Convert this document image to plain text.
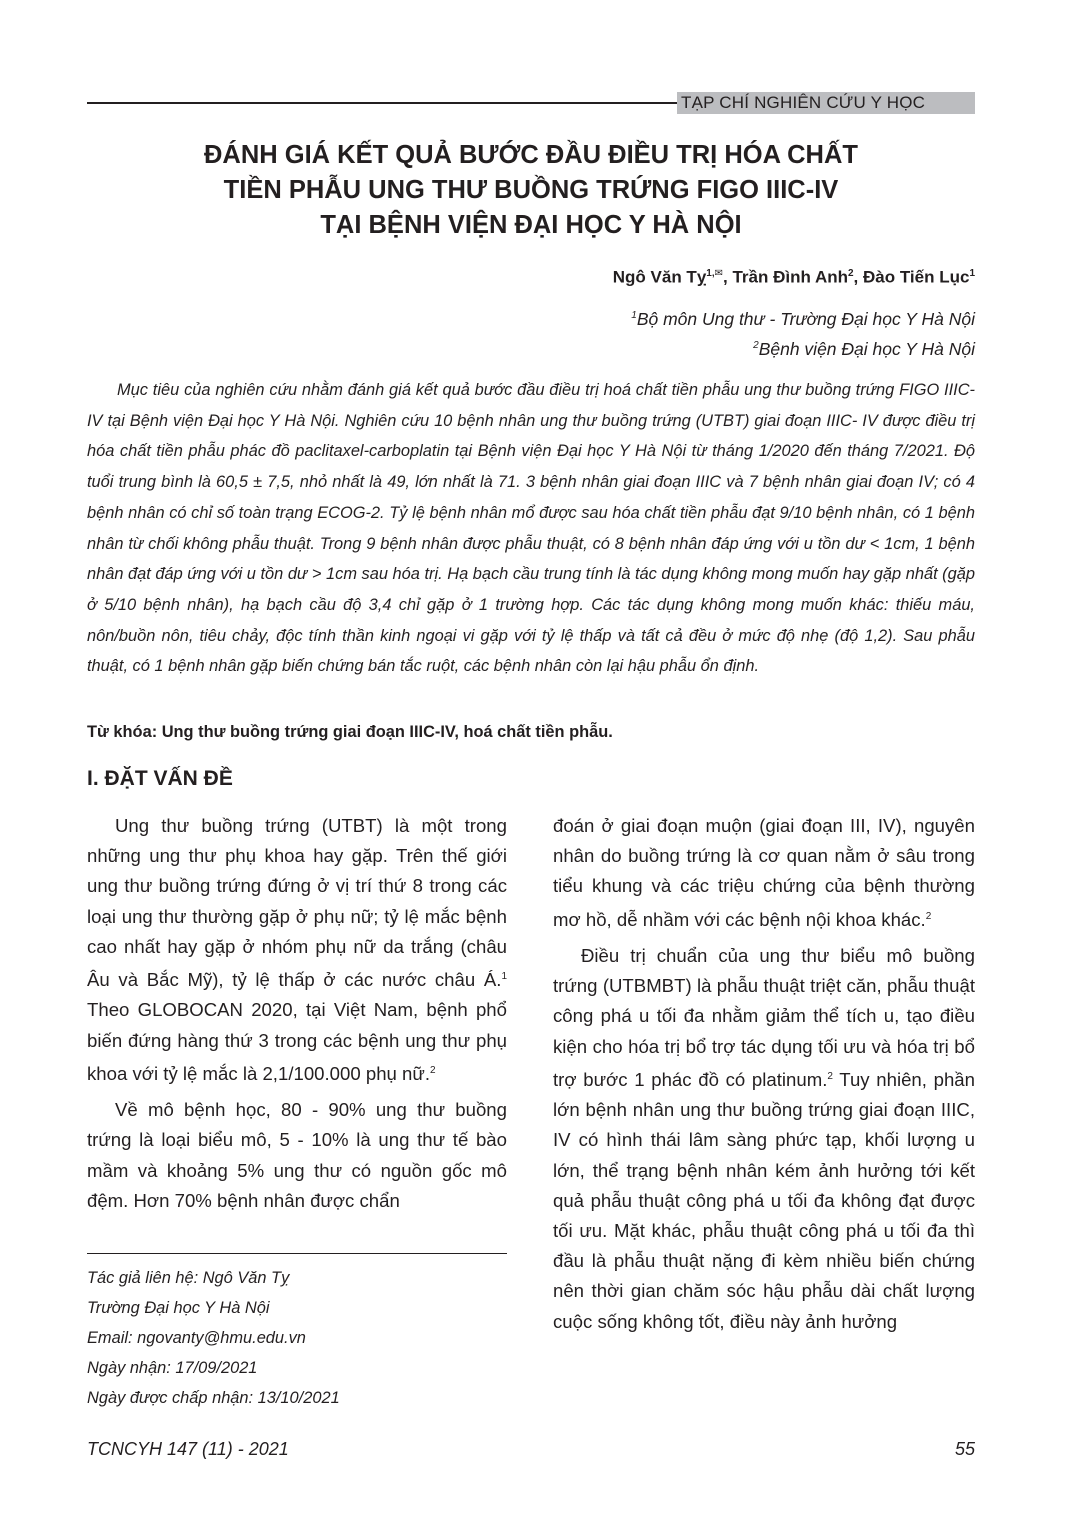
TẠP CHÍ NGHIÊN CỨU Y HỌC
ĐÁNH GIÁ KẾT QUẢ BƯỚC ĐẦU ĐIỀU TRỊ HÓA CHẤT
TIỀN PHẪU UNG THƯ BUỒNG TRỨNG FIGO IIIC-IV
TẠI BỆNH VIỆN ĐẠI HỌC Y HÀ NỘI
Ngô Văn Tỵ$^{1,✉}$, Trần Đình Anh$^2$, Đào Tiến Lục$^1$
$^1$Bộ môn Ung thư - Trường Đại học Y Hà Nội
$^2$Bệnh viện Đại học Y Hà Nội

Mục tiêu của nghiên cứu nhằm đánh giá kết quả bước đầu điều trị hoá chất tiền phẫu ung thư buồng trứng FIGO IIIC-IV tại Bệnh viện Đại học Y Hà Nội. Nghiên cứu 10 bệnh nhân ung thư buồng trứng (UTBT) giai đoạn IIIC- IV được điều trị hóa chất tiền phẫu phác đồ paclitaxel-carboplatin tại Bệnh viện Đại học Y Hà Nội từ tháng 1/2020 đến tháng 7/2021. Độ tuổi trung bình là 60,5 ± 7,5, nhỏ nhất là 49, lớn nhất là 71. 3 bệnh nhân giai đoạn IIIC và 7 bệnh nhân giai đoạn IV; có 4 bệnh nhân có chỉ số toàn trạng ECOG-2. Tỷ lệ bệnh nhân mổ được sau hóa chất tiền phẫu đạt 9/10 bệnh nhân, có 1 bệnh nhân từ chối không phẫu thuật. Trong 9 bệnh nhân được phẫu thuật, có 8 bệnh nhân đáp ứng với u tồn dư < 1cm, 1 bệnh nhân đạt đáp ứng với u tồn dư > 1cm sau hóa trị. Hạ bạch cầu trung tính là tác dụng không mong muốn hay gặp nhất (gặp ở 5/10 bệnh nhân), hạ bạch cầu độ 3,4 chỉ gặp ở 1 trường hợp. Các tác dụng không mong muốn khác: thiếu máu, nôn/buồn nôn, tiêu chảy, độc tính thần kinh ngoại vi gặp với tỷ lệ thấp và tất cả đều ở mức độ nhẹ (độ 1,2). Sau phẫu thuật, có 1 bệnh nhân gặp biến chứng bán tắc ruột, các bệnh nhân còn lại hậu phẫu ổn định.

Từ khóa: Ung thư buồng trứng giai đoạn IIIC-IV, hoá chất tiền phẫu.
I. ĐẶT VẤN ĐỀ

Ung thư buồng trứng (UTBT) là một trong những ung thư phụ khoa hay gặp. Trên thế giới ung thư buồng trứng đứng ở vị trí thứ 8 trong các loại ung thư thường gặp ở phụ nữ; tỷ lệ mắc bệnh cao nhất hay gặp ở nhóm phụ nữ da trắng (châu Âu và Bắc Mỹ), tỷ lệ thấp ở các nước châu Á.$^1$ Theo GLOBOCAN 2020, tại Việt Nam, bệnh phổ biến đứng hàng thứ 3 trong các bệnh ung thư phụ khoa với tỷ lệ mắc là 2,1/100.000 phụ nữ.$^2$

Về mô bệnh học, 80 - 90% ung thư buồng trứng là loại biểu mô, 5 - 10% là ung thư tế bào mầm và khoảng 5% ung thư có nguồn gốc mô đệm. Hơn 70% bệnh nhân được chẩn

Tác giả liên hệ: Ngô Văn Tỵ
Trường Đại học Y Hà Nội
Email: ngovanty@hmu.edu.vn
Ngày nhận: 17/09/2021
Ngày được chấp nhận: 13/10/2021

đoán ở giai đoạn muộn (giai đoạn III, IV), nguyên nhân do buồng trứng là cơ quan nằm ở sâu trong tiểu khung và các triệu chứng của bệnh thường mơ hồ, dễ nhầm với các bệnh nội khoa khác.$^2$

Điều trị chuẩn của ung thư biểu mô buồng trứng (UTBMBT) là phẫu thuật triệt căn, phẫu thuật công phá u tối đa nhằm giảm thể tích u, tạo điều kiện cho hóa trị bổ trợ tác dụng tối ưu và hóa trị bổ trợ bước 1 phác đồ có platinum.$^2$ Tuy nhiên, phần lớn bệnh nhân ung thư buồng trứng giai đoạn IIIC, IV có hình thái lâm sàng phức tạp, khối lượng u lớn, thể trạng bệnh nhân kém ảnh hưởng tới kết quả phẫu thuật công phá u tối đa không đạt được tối ưu. Mặt khác, phẫu thuật công phá u tối đa thì đầu là phẫu thuật nặng đi kèm nhiều biến chứng nên thời gian chăm sóc hậu phẫu dài chất lượng cuộc sống không tốt, điều này ảnh hưởng

TCNCYH 147 (11) - 2021	55
